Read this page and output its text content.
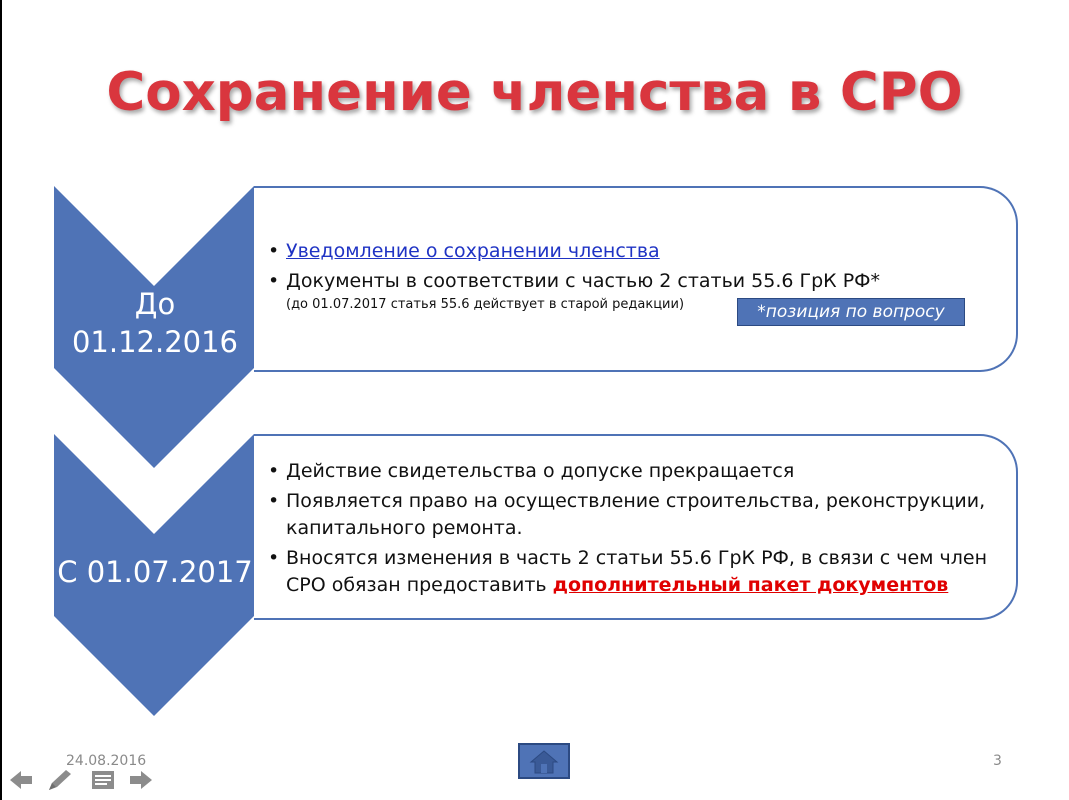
Сохранение членства в СРО
До
01.12.2016
• Уведомление о сохранении членства
• Документы в соответствии с частью 2 статьи 55.6 ГрК РФ*
(до 01.07.2017 статья 55.6 действует в старой редакции)	*позиция по вопросу
С 01.07.2017
• Действие свидетельства о допуске прекращается
• Появляется право на осуществление строительства, реконструкции, капитального ремонта.
• Вносятся изменения в часть 2 статьи 55.6 ГрК РФ, в связи с чем член СРО обязан предоставить дополнительный пакет документов
24.08.2016	3
